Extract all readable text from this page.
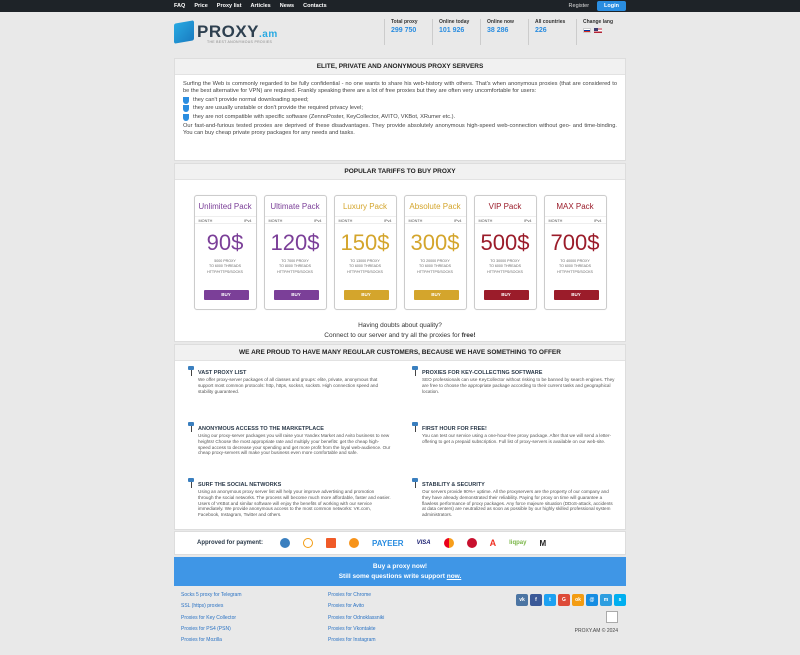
FAQ Price Proxy list Articles News Contacts	Register	Login
PROXY.am
THE BEST ANONYMOUS PROXIES
Total proxy
299 750
Online today
101 926
Online now
38 286
All countries
226
Change lang
ELITE, PRIVATE AND ANONYMOUS PROXY SERVERS

Surfing the Web is commonly regarded to be fully confidential - no one wants to share his web-history with others. That's when anonymous proxies (that are considered to be the best alternative for VPN) are required. Frankly speaking there are a lot of free proxies but they are often very uncomfortable for users:

they can't provide normal downloading speed;
they are usually unstable or don't provide the required privacy level;
they are not compatible with specific software (ZennoPoster, KeyCollector, AVITO, VKBot, XRumer etc.).

Our fast-and-furious tested proxies are deprived of these disadvantages. They provide absolutely anonymous high-speed web-connection without geo- and time-binding. You can buy cheap private proxy packages for any needs and tasks.

POPULAR TARIFFS TO BUY PROXY
Unlimited Pack
MONTH	IPv4
90$
5000 PROXY
TO 6000 THREADS
HTTP/HTTPS/SOCKS
BUY
Ultimate Pack
MONTH	IPv4
120$
TO 7000 PROXY
TO 8000 THREADS
HTTP/HTTPS/SOCKS
BUY
Luxury Pack
MONTH	IPv4
150$
TO 13000 PROXY
TO 6000 THREADS
HTTP/HTTPS/SOCKS
BUY
Absolute Pack
MONTH	IPv4
300$
TO 20000 PROXY
TO 6000 THREADS
HTTP/HTTPS/SOCKS
BUY
VIP Pack
MONTH	IPv4
500$
TO 30000 PROXY
TO 6000 THREADS
HTTP/HTTPS/SOCKS
BUY
MAX Pack
MONTH	IPv4
700$
TO 40000 PROXY
TO 6000 THREADS
HTTP/HTTPS/SOCKS
BUY
Having doubts about quality?
Connect to our server and try all the proxies for free!
WE ARE PROUD TO HAVE MANY REGULAR CUSTOMERS, BECAUSE WE HAVE SOMETHING TO OFFER
VAST PROXY LIST
We offer proxy-server packages of all classes and groups: elite, private, anonymous that support most common protocols: http, https, socks4, socks5. High connection speed and stability guaranteed.
PROXIES FOR KEY-COLLECTING SOFTWARE
SEO professionals can use KeyCollector without risking to be banned by search engines. They are free to choose the appropriate package according to their current tasks and geographical location.
ANONYMOUS ACCESS TO THE MARKETPLACE
Using our proxy-server packages you will raise your Yandex Market and Avito business to new heights! Choose the most appropriate rate and multiply your benefits: get the cheap high-speed access to decrease your spending and get more profit from the loyal web-audience. Our cheap proxy-servers will make your business even more comfortable and safe.
FIRST HOUR FOR FREE!
You can test our service using a one-hour-free proxy package. After that we will send a letter-offering to get a prepaid subscription. Full list of proxy-servers is available on our web-site.
SURF THE SOCIAL NETWORKS
Using an anonymous proxy server list will help your improve advertising and promotion through the social networks. The process will become much more affordable, faster and easier. Users of VKBot and similar software will enjoy the benefits of working with our service immediately. We provide anonymous access to the most common networks: VK.com, Facebook, Instagram, Twitter and others.
STABILITY & SECURITY
Our servers provide 90%+ uptime. All the proxyservers are the property of our company and they have already demonstrated their reliability. Paying for proxy on time will guarantee a flawless performance of proxy packages. Any force majeure situation (DDoS-attack, accidents at data centers) are neutralized as soon as possible by our highly skilled professional system administrators.
Approved for payment:	PAYEER VISA	А liqpay M
Buy a proxy now!
Still some questions write support now.
Socks 5 proxy for Telegram
SSL (https) proxies
Proxies for Key Collector
Proxies for PS4 (PSN)
Proxies for Mozilla
Proxies for Chrome
Proxies for Avito
Proxies for Odnoklassniki
Proxies for Vkontakte
Proxies for Instagram
vk	f	t	G	ok	@	m	s
PROXY.AM © 2024
